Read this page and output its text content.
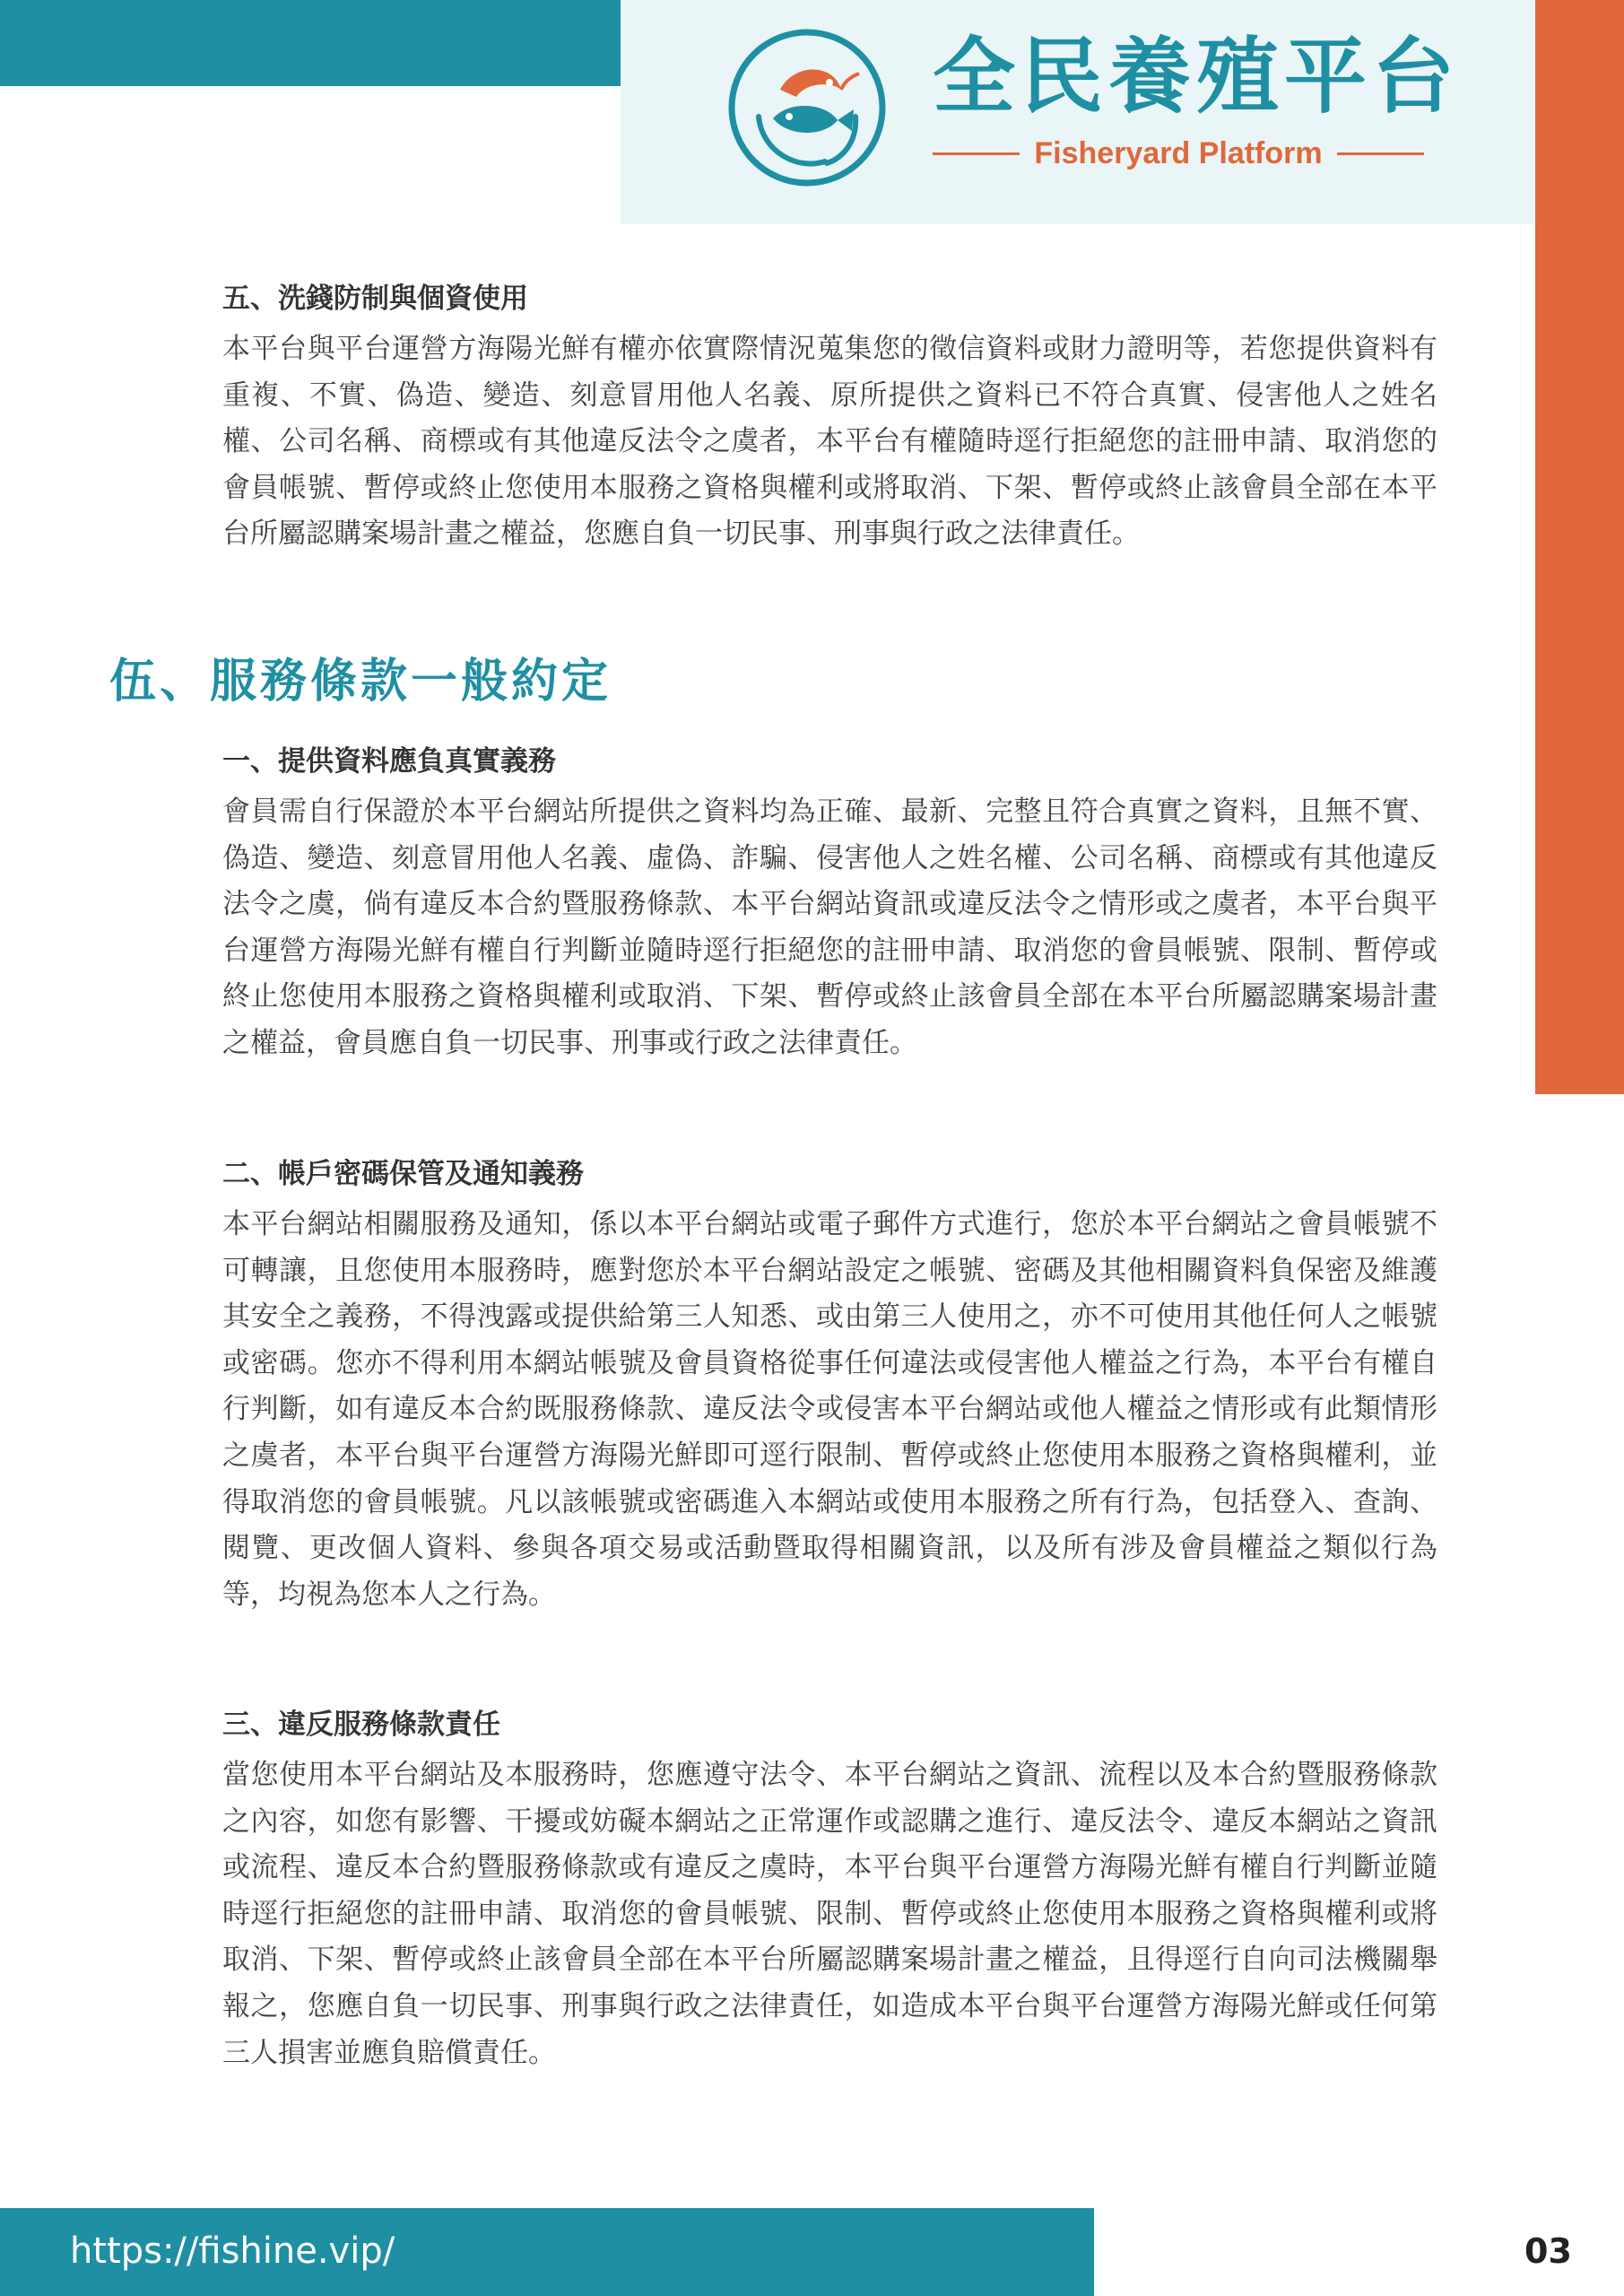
全民養殖平台
Fisheryard Platform

五、洗錢防制與個資使用

本平台與平台運營方海陽光鮮有權亦依實際情況蒐集您的徵信資料或財力證明等，若您提供資料有重複、不實、偽造、變造、刻意冒用他人名義、原所提供之資料已不符合真實、侵害他人之姓名權、公司名稱、商標或有其他違反法令之虞者，本平台有權隨時逕行拒絕您的註冊申請、取消您的會員帳號、暫停或終止您使用本服務之資格與權利或將取消、下架、暫停或終止該會員全部在本平台所屬認購案場計畫之權益，您應自負一切民事、刑事與行政之法律責任。

伍、服務條款一般約定

一、提供資料應負真實義務

會員需自行保證於本平台網站所提供之資料均為正確、最新、完整且符合真實之資料，且無不實、偽造、變造、刻意冒用他人名義、虛偽、詐騙、侵害他人之姓名權、公司名稱、商標或有其他違反法令之虞，倘有違反本合約暨服務條款、本平台網站資訊或違反法令之情形或之虞者，本平台與平台運營方海陽光鮮有權自行判斷並隨時逕行拒絕您的註冊申請、取消您的會員帳號、限制、暫停或終止您使用本服務之資格與權利或取消、下架、暫停或終止該會員全部在本平台所屬認購案場計畫之權益，會員應自負一切民事、刑事或行政之法律責任。

二、帳戶密碼保管及通知義務

本平台網站相關服務及通知，係以本平台網站或電子郵件方式進行，您於本平台網站之會員帳號不可轉讓，且您使用本服務時，應對您於本平台網站設定之帳號、密碼及其他相關資料負保密及維護其安全之義務，不得洩露或提供給第三人知悉、或由第三人使用之，亦不可使用其他任何人之帳號或密碼。您亦不得利用本網站帳號及會員資格從事任何違法或侵害他人權益之行為，本平台有權自行判斷，如有違反本合約既服務條款、違反法令或侵害本平台網站或他人權益之情形或有此類情形之虞者，本平台與平台運營方海陽光鮮即可逕行限制、暫停或終止您使用本服務之資格與權利，並得取消您的會員帳號。凡以該帳號或密碼進入本網站或使用本服務之所有行為，包括登入、查詢、閱覽、更改個人資料、參與各項交易或活動暨取得相關資訊，以及所有涉及會員權益之類似行為等，均視為您本人之行為。

三、違反服務條款責任

當您使用本平台網站及本服務時，您應遵守法令、本平台網站之資訊、流程以及本合約暨服務條款之內容，如您有影響、干擾或妨礙本網站之正常運作或認購之進行、違反法令、違反本網站之資訊或流程、違反本合約暨服務條款或有違反之虞時，本平台與平台運營方海陽光鮮有權自行判斷並隨時逕行拒絕您的註冊申請、取消您的會員帳號、限制、暫停或終止您使用本服務之資格與權利或將取消、下架、暫停或終止該會員全部在本平台所屬認購案場計畫之權益，且得逕行自向司法機關舉報之，您應自負一切民事、刑事與行政之法律責任，如造成本平台與平台運營方海陽光鮮或任何第三人損害並應負賠償責任。

https://fishine.vip/	03
